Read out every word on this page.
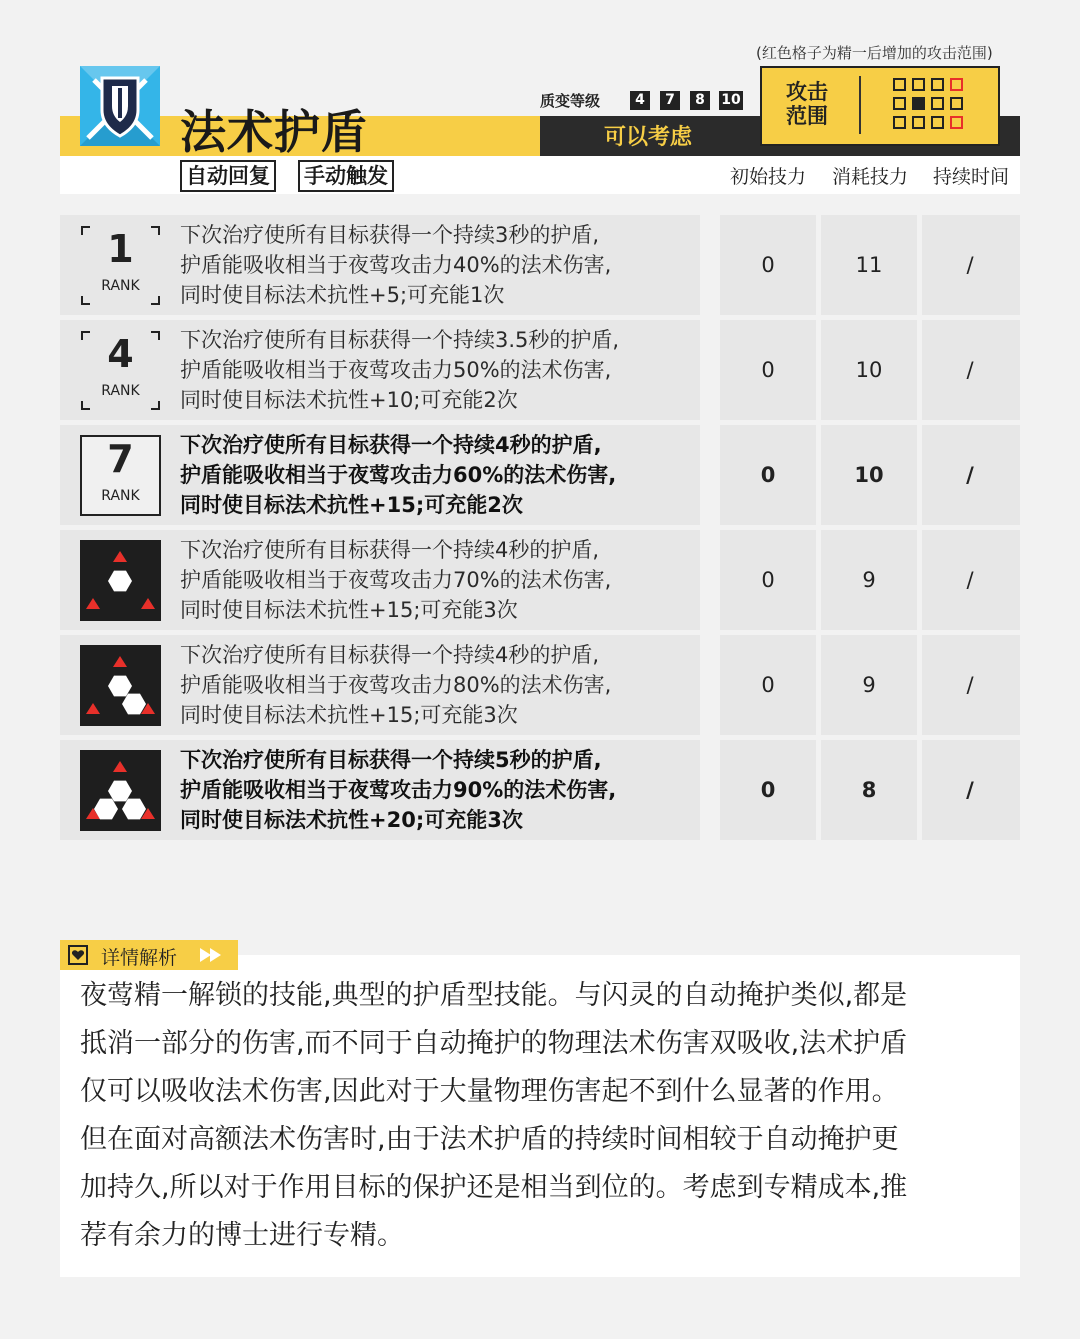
法术护盾
(红色格子为精一后增加的攻击范围)
质变等级	4	7	8	10
可以考虑
攻击
范围
自动回复 手动触发	初始技力	消耗技力	持续时间
1
RANK
下次治疗使所有目标获得一个持续3秒的护盾,
护盾能吸收相当于夜莺攻击力40%的法术伤害,
同时使目标法术抗性+5;可充能1次
0	11	/
4
RANK
下次治疗使所有目标获得一个持续3.5秒的护盾,
护盾能吸收相当于夜莺攻击力50%的法术伤害,
同时使目标法术抗性+10;可充能2次
0	10	/
7
RANK
下次治疗使所有目标获得一个持续4秒的护盾,
护盾能吸收相当于夜莺攻击力60%的法术伤害,
同时使目标法术抗性+15;可充能2次
0	10	/
下次治疗使所有目标获得一个持续4秒的护盾,
护盾能吸收相当于夜莺攻击力70%的法术伤害,
同时使目标法术抗性+15;可充能3次
0	9	/
下次治疗使所有目标获得一个持续4秒的护盾,
护盾能吸收相当于夜莺攻击力80%的法术伤害,
同时使目标法术抗性+15;可充能3次
0	9	/
下次治疗使所有目标获得一个持续5秒的护盾,
护盾能吸收相当于夜莺攻击力90%的法术伤害,
同时使目标法术抗性+20;可充能3次
0	8	/
详情解析
夜莺精一解锁的技能,典型的护盾型技能。与闪灵的自动掩护类似,都是
抵消一部分的伤害,而不同于自动掩护的物理法术伤害双吸收,法术护盾
仅可以吸收法术伤害,因此对于大量物理伤害起不到什么显著的作用。
但在面对高额法术伤害时,由于法术护盾的持续时间相较于自动掩护更
加持久,所以对于作用目标的保护还是相当到位的。考虑到专精成本,推
荐有余力的博士进行专精。
